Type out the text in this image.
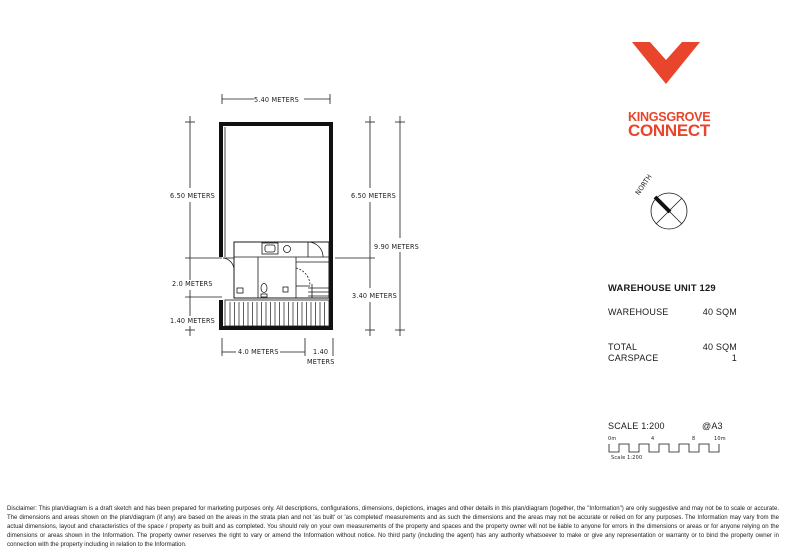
5.40 METERS
6.50 METERS	6.50 METERS
9.90 METERS
2.0 METERS
3.40 METERS
1.40 METERS
4.0 METERS	1.40
METERS
KINGSGROVE
CONNECT
NORTH
WAREHOUSE UNIT 129
WAREHOUSE	40 SQM
TOTAL	40 SQM
CARSPACE	1
SCALE 1:200	@A3
0m	4	8	10m
Scale 1:200
Disclaimer: This plan/diagram is a draft sketch and has been prepared for marketing purposes only. All descriptions, configurations, dimensions, depictions, images and other details in this plan/diagram (together, the "Information") are only suggestive and may not be to scale or accurate. The dimensions and areas shown on the plan/diagram (if any) are based on the areas in the strata plan and not 'as built' or 'as completed' measurements and as such the dimensions and the areas may not be accurate or relied on for any purposes. The Information may vary from the actual dimensions, layout and characteristics of the space / property as built and as completed. You should rely on your own measurements of the property and spaces and the property owner will not be liable to anyone for errors in the dimensions or areas or for anyone relying on the dimensions or areas shown in the Information. The property owner reserves the right to vary or amend the Information without notice. No third party (including the agent) has any authority whatsoever to make or give any representation or warranty or to bind the property owner in connection with the property including in relation to the Information.
